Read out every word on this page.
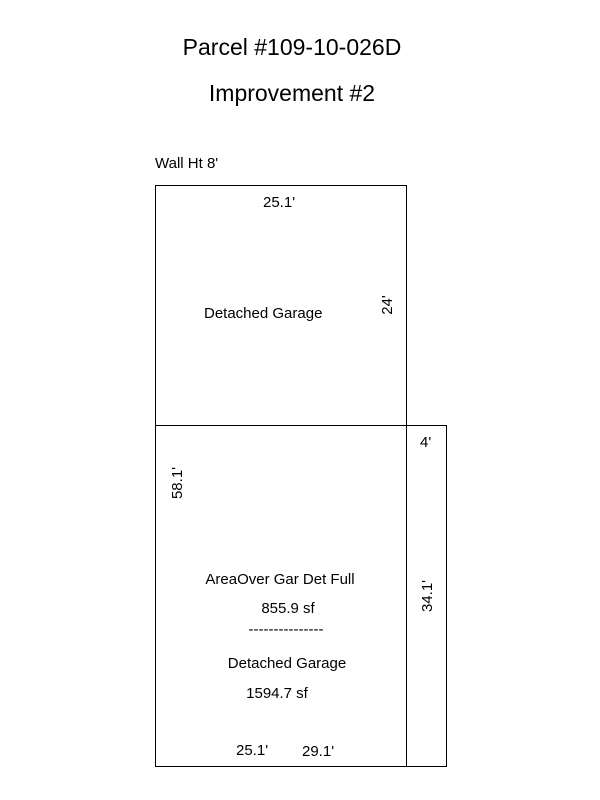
Parcel #109-10-026D
Improvement #2
Wall Ht 8'
25.1'
Detached Garage	24'
58.1'
4'
34.1'
AreaOver Gar Det Full
855.9 sf
---------------
Detached Garage
1594.7 sf
25.1' 29.1'
